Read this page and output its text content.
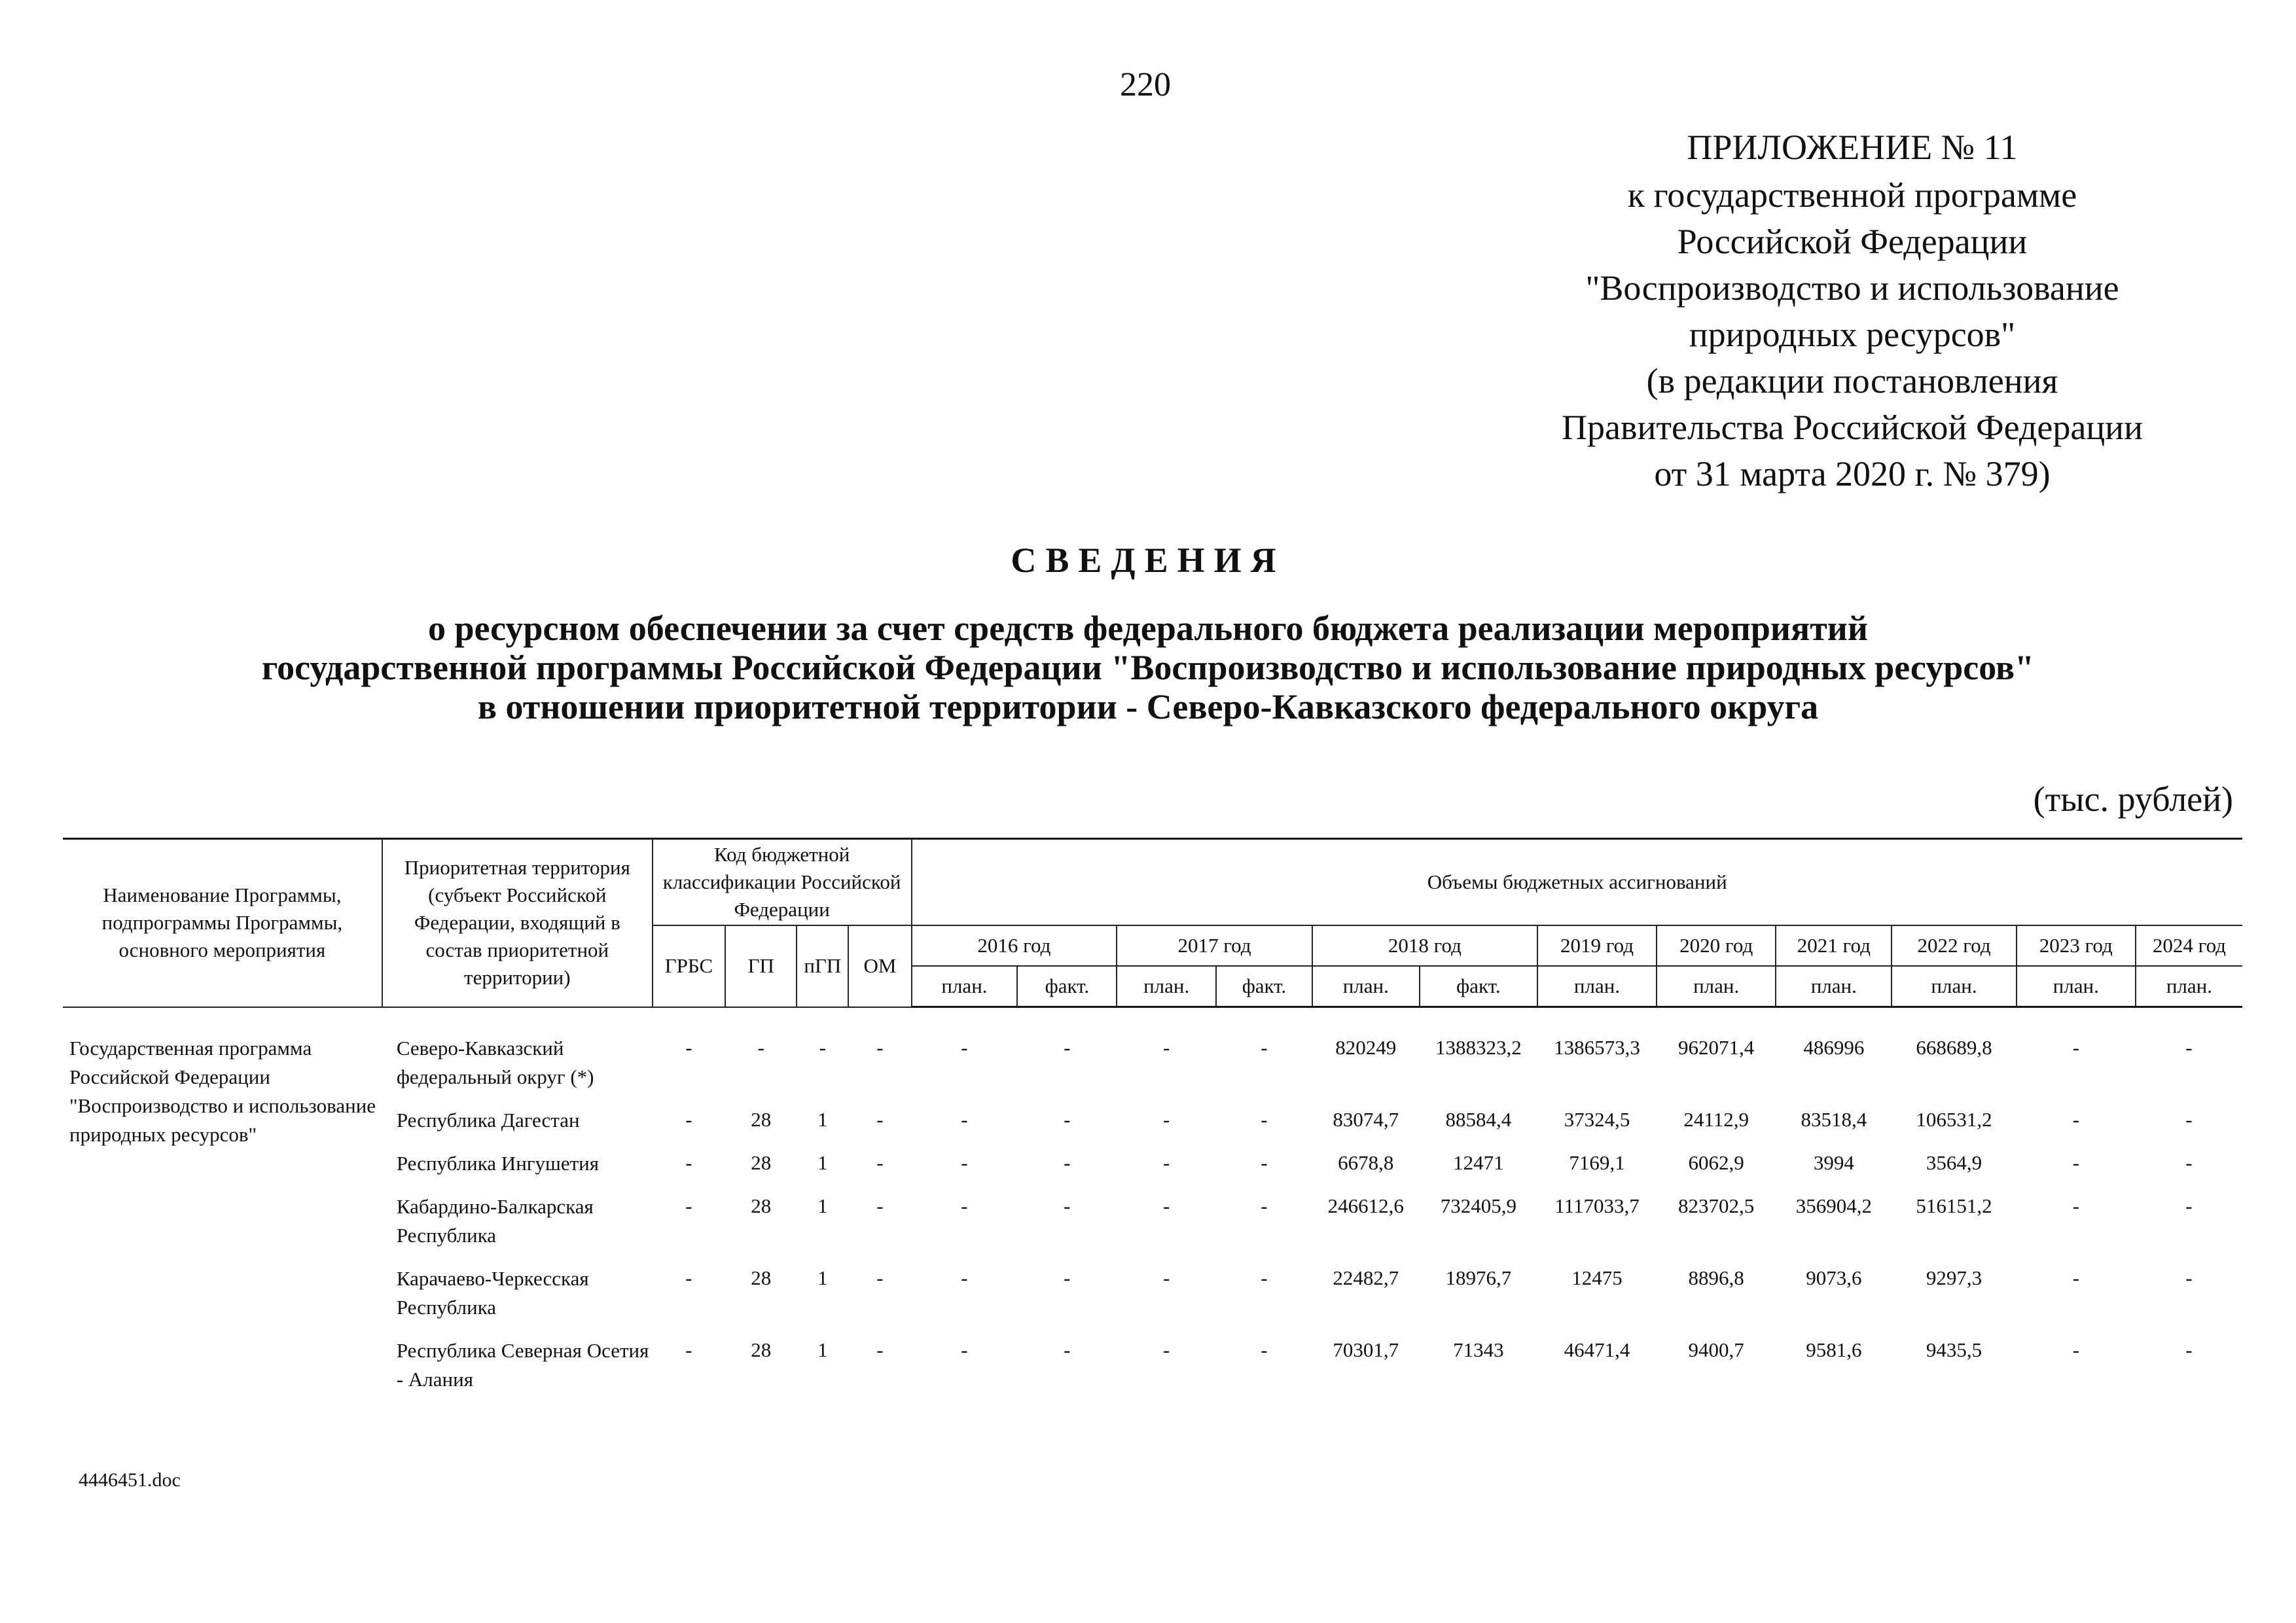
220
ПРИЛОЖЕНИЕ № 11
к государственной программе
Российской Федерации
"Воспроизводство и использование
природных ресурсов"
(в редакции постановления
Правительства Российской Федерации
от 31 марта 2020 г. № 379)
СВЕДЕНИЯ
о ресурсном обеспечении за счет средств федерального бюджета реализации мероприятий
государственной программы Российской Федерации "Воспроизводство и использование природных ресурсов"
в отношении приоритетной территории - Северо-Кавказского федерального округа
(тыс. рублей)
Наименование Программы, подпрограммы Программы, основного мероприятия	Приоритетная территория (субъект Российской Федерации, входящий в состав приоритетной территории)	Код бюджетной классификации Российской Федерации				Объемы бюджетных ассигнований											
		ГРБС	ГП	пГП	ОМ	2016 год		2017 год		2018 год		2019 год	2020 год	2021 год	2022 год	2023 год	2024 год
						план.	факт.	план.	факт.	план.	факт.	план.	план.	план.	план.	план.	план.
Государственная программа Российской Федерации "Воспроизводство и использование природных ресурсов"	Северо-Кавказский федеральный округ (*)	-	-	-	-	-	-	-	-	820249	1388323,2	1386573,3	962071,4	486996	668689,8	-	-
	Республика Дагестан	-	28	1	-	-	-	-	-	83074,7	88584,4	37324,5	24112,9	83518,4	106531,2	-	-
	Республика Ингушетия	-	28	1	-	-	-	-	-	6678,8	12471	7169,1	6062,9	3994	3564,9	-	-
	Кабардино-Балкарская Республика	-	28	1	-	-	-	-	-	246612,6	732405,9	1117033,7	823702,5	356904,2	516151,2	-	-
	Карачаево-Черкесская Республика	-	28	1	-	-	-	-	-	22482,7	18976,7	12475	8896,8	9073,6	9297,3	-	-
	Республика Северная Осетия - Алания	-	28	1	-	-	-	-	-	70301,7	71343	46471,4	9400,7	9581,6	9435,5	-	-
4446451.doc
